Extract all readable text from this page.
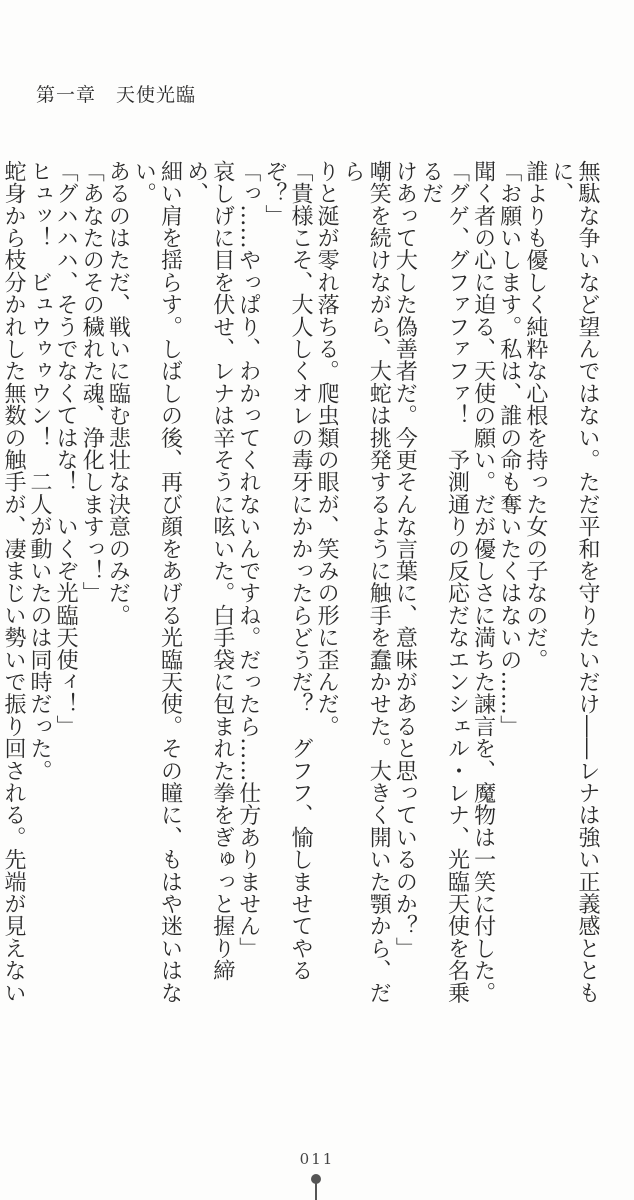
第一章　天使光臨

無駄な争いなど望んではない。ただ平和を守りたいだけ――レナは強い正義感とともに、

誰よりも優しく純粋な心根を持った女の子なのだ。

「お願いします。私は、誰の命も奪いたくはないの……」

聞く者の心に迫る、天使の願い。だが優しさに満ちた諫言を、魔物は一笑に付した。

「グゲ、グファファファ！　予測通りの反応だなエンシェル・レナ、光臨天使を名乗るだ

けあって大した偽善者だ。今更そんな言葉に、意味があると思っているのか？」

嘲笑を続けながら、大蛇は挑発するように触手を蠢かせた。大きく開いた顎から、だら

りと涎が零れ落ちる。爬虫類の眼が、笑みの形に歪んだ。

「貴様こそ、大人しくオレの毒牙にかかったらどうだ？　グフフ、愉しませてやるぞ？」

「っ……やっぱり、わかってくれないんですね。だったら……仕方ありません」

哀しげに目を伏せ、レナは辛そうに呟いた。白手袋に包まれた拳をぎゅっと握り締め、

細い肩を揺らす。しばしの後、再び顔をあげる光臨天使。その瞳に、もはや迷いはない。

あるのはただ、戦いに臨む悲壮な決意のみだ。

「あなたのその穢れた魂、浄化しますっ！」

「グハハハ、そうでなくてはな！　いくぞ光臨天使ィ！」

ヒュッ！　ビュウゥゥウン！　二人が動いたのは同時だった。

蛇身から枝分かれした無数の触手が、凄まじい勢いで振り回される。先端が見えない

011
